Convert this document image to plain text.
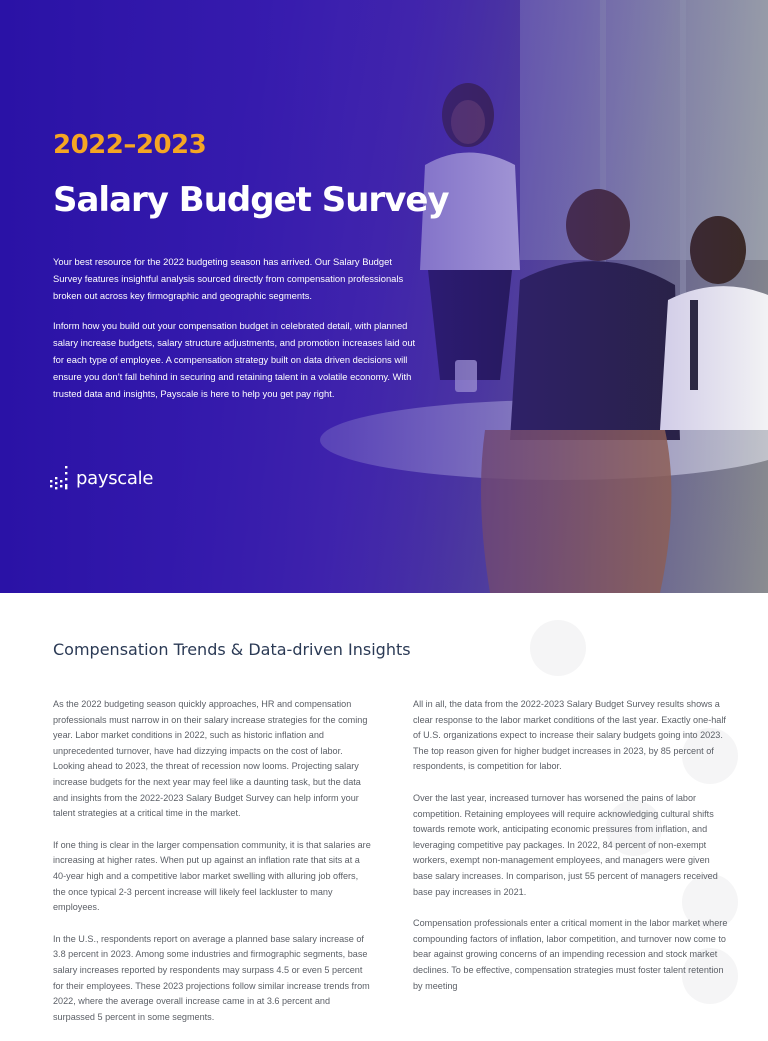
2022–2023
Salary Budget Survey

Your best resource for the 2022 budgeting season has arrived. Our Salary Budget Survey features insightful analysis sourced directly from compensation professionals broken out across key firmographic and geographic segments.

Inform how you build out your compensation budget in celebrated detail, with planned salary increase budgets, salary structure adjustments, and promotion increases laid out for each type of employee. A compensation strategy built on data driven decisions will ensure you don’t fall behind in securing and retaining talent in a volatile economy. With trusted data and insights, Payscale is here to help you get pay right.

payscale
Compensation Trends & Data-driven Insights

As the 2022 budgeting season quickly approaches, HR and compensation professionals must narrow in on their salary increase strategies for the coming year. Labor market conditions in 2022, such as historic inflation and unprecedented turnover, have had dizzying impacts on the cost of labor. Looking ahead to 2023, the threat of recession now looms. Projecting salary increase budgets for the next year may feel like a daunting task, but the data and insights from the 2022-2023 Salary Budget Survey can help inform your talent strategies at a critical time in the market.

If one thing is clear in the larger compensation community, it is that salaries are increasing at higher rates. When put up against an inflation rate that sits at a 40-year high and a competitive labor market swelling with alluring job offers, the once typical 2-3 percent increase will likely feel lackluster to many employees.

In the U.S., respondents report on average a planned base salary increase of 3.8 percent in 2023. Among some industries and firmographic segments, base salary increases reported by respondents may surpass 4.5 or even 5 percent for their employees. These 2023 projections follow similar increase trends from 2022, where the average overall increase came in at 3.6 percent and surpassed 5 percent in some segments.

All in all, the data from the 2022-2023 Salary Budget Survey results shows a clear response to the labor market conditions of the last year. Exactly one-half of U.S. organizations expect to increase their salary budgets going into 2023. The top reason given for higher budget increases in 2023, by 85 percent of respondents, is competition for labor.

Over the last year, increased turnover has worsened the pains of labor competition. Retaining employees will require acknowledging cultural shifts towards remote work, anticipating economic pressures from inflation, and leveraging competitive pay packages. In 2022, 84 percent of non-exempt workers, exempt non-management employees, and managers were given base salary increases. In comparison, just 55 percent of managers received base pay increases in 2021.

Compensation professionals enter a critical moment in the labor market where compounding factors of inflation, labor competition, and turnover now come to bear against growing concerns of an impending recession and stock market declines. To be effective, compensation strategies must foster talent retention by meeting
